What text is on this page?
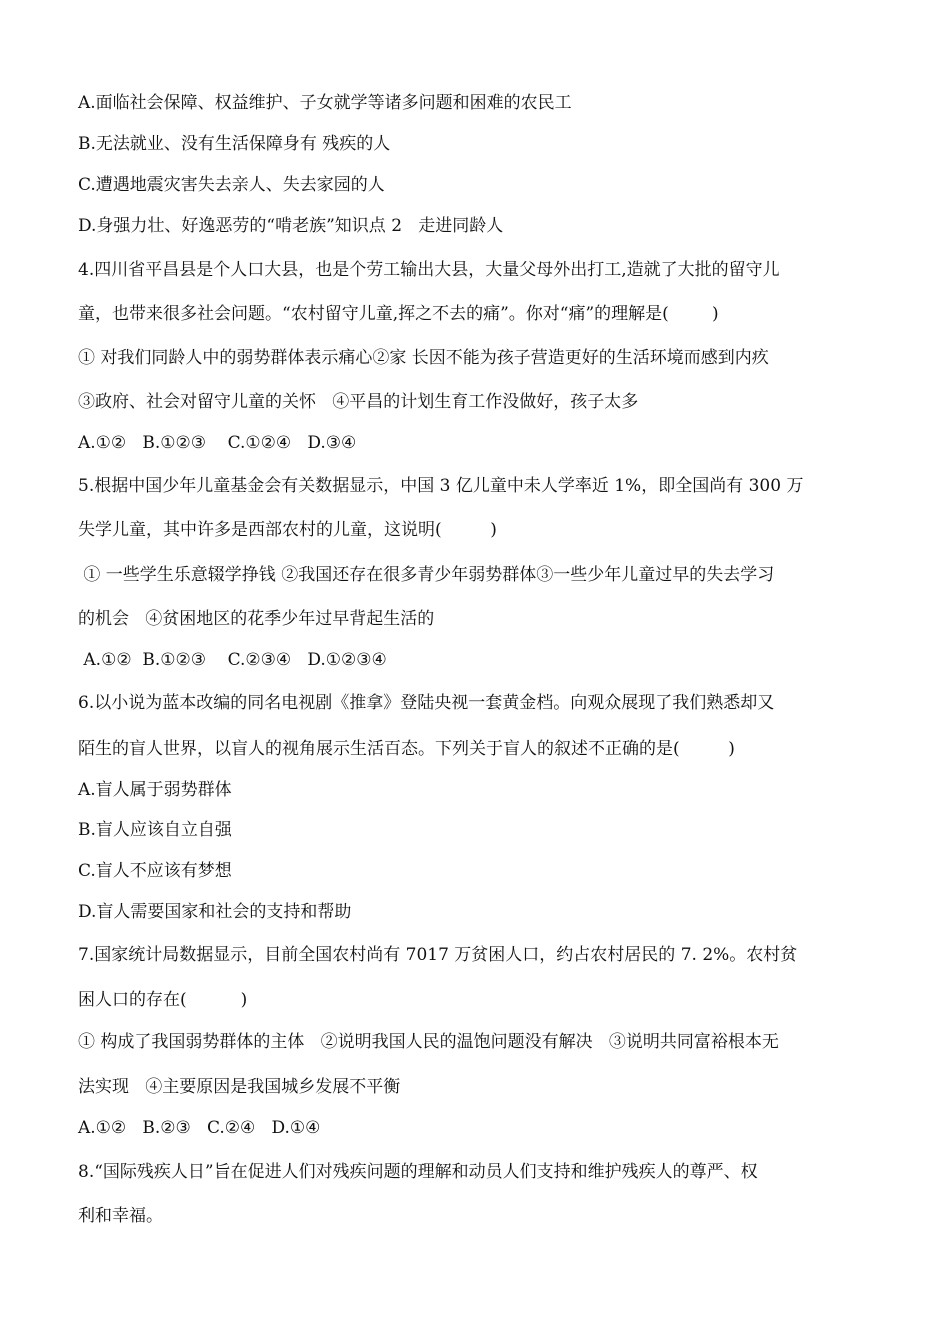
A.面临社会保障、权益维护、子女就学等诸多问题和困难的农民工
B.无法就业、没有生活保障身有 残疾的人
C.遭遇地震灾害失去亲人、失去家园的人
D.身强力壮、好逸恶劳的“啃老族”知识点 2   走进同龄人
4.四川省平昌县是个人口大县，也是个劳工输出大县，大量父母外出打工,造就了大批的留守儿
童，也带来很多社会问题。“农村留守儿童,挥之不去的痛”。你对“痛”的理解是(        )
① 对我们同龄人中的弱势群体表示痛心②家 长因不能为孩子营造更好的生活环境而感到内疚
③政府、社会对留守儿童的关怀   ④平昌的计划生育工作没做好，孩子太多
A.①②   B.①②③    C.①②④   D.③④
5.根据中国少年儿童基金会有关数据显示，中国 3 亿儿童中未人学率近 1%，即全国尚有 300 万
失学儿童，其中许多是西部农村的儿童，这说明(         )
① 一些学生乐意辍学挣钱 ②我国还存在很多青少年弱势群体③一些少年儿童过早的失去学习
的机会   ④贫困地区的花季少年过早背起生活的
A.①②  B.①②③    C.②③④   D.①②③④
6.以小说为蓝本改编的同名电视剧《推拿》登陆央视一套黄金档。向观众展现了我们熟悉却又
陌生的盲人世界，以盲人的视角展示生活百态。下列关于盲人的叙述不正确的是(         )
A.盲人属于弱势群体
B.盲人应该自立自强
C.盲人不应该有梦想
D.盲人需要国家和社会的支持和帮助
7.国家统计局数据显示，目前全国农村尚有 7017 万贫困人口，约占农村居民的 7. 2%。农村贫
困人口的存在(          )
① 构成了我国弱势群体的主体   ②说明我国人民的温饱问题没有解决   ③说明共同富裕根本无
法实现   ④主要原因是我国城乡发展不平衡
A.①②   B.②③   C.②④   D.①④
8.“国际残疾人日”旨在促进人们对残疾问题的理解和动员人们支持和维护残疾人的尊严、权
利和幸福。
